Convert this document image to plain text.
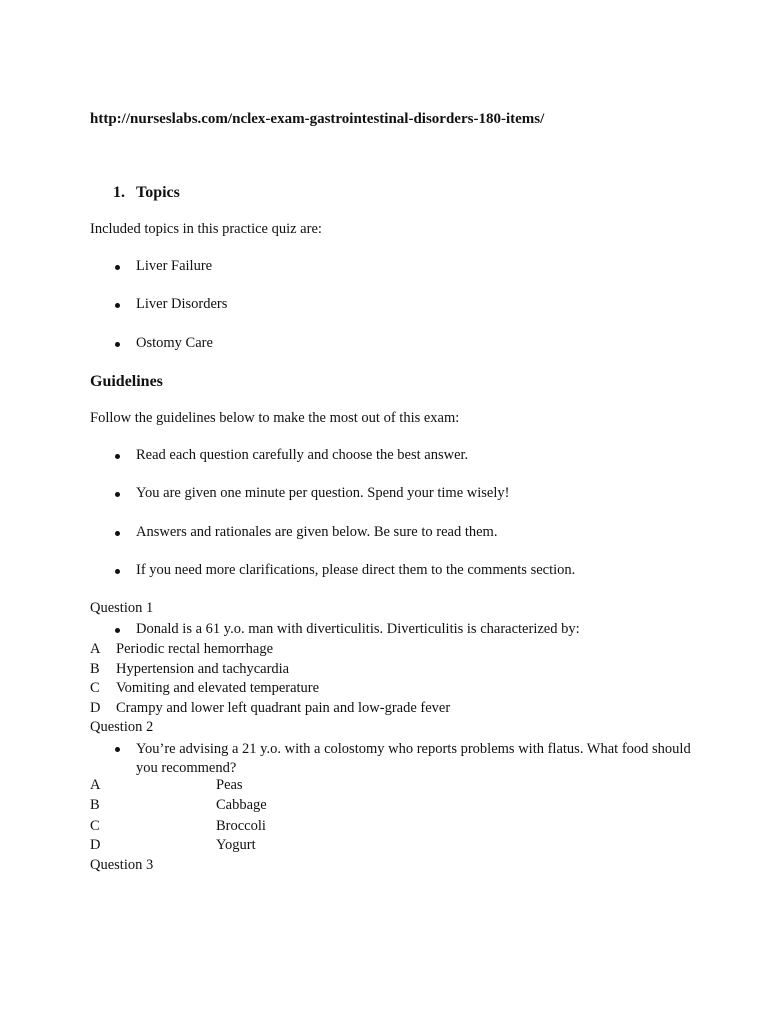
http://nurseslabs.com/nclex-exam-gastrointestinal-disorders-180-items/
1. Topics
Included topics in this practice quiz are:
Liver Failure
Liver Disorders
Ostomy Care
Guidelines
Follow the guidelines below to make the most out of this exam:
Read each question carefully and choose the best answer.
You are given one minute per question. Spend your time wisely!
Answers and rationales are given below. Be sure to read them.
If you need more clarifications, please direct them to the comments section.
Question 1
Donald is a 61 y.o. man with diverticulitis. Diverticulitis is characterized by:
A Periodic rectal hemorrhage
B Hypertension and tachycardia
C Vomiting and elevated temperature
D Crampy and lower left quadrant pain and low-grade fever
Question 2
You’re advising a 21 y.o. with a colostomy who reports problems with flatus. What food should you recommend?
A	Peas
B	Cabbage
C	Broccoli
D	Yogurt
Question 3
